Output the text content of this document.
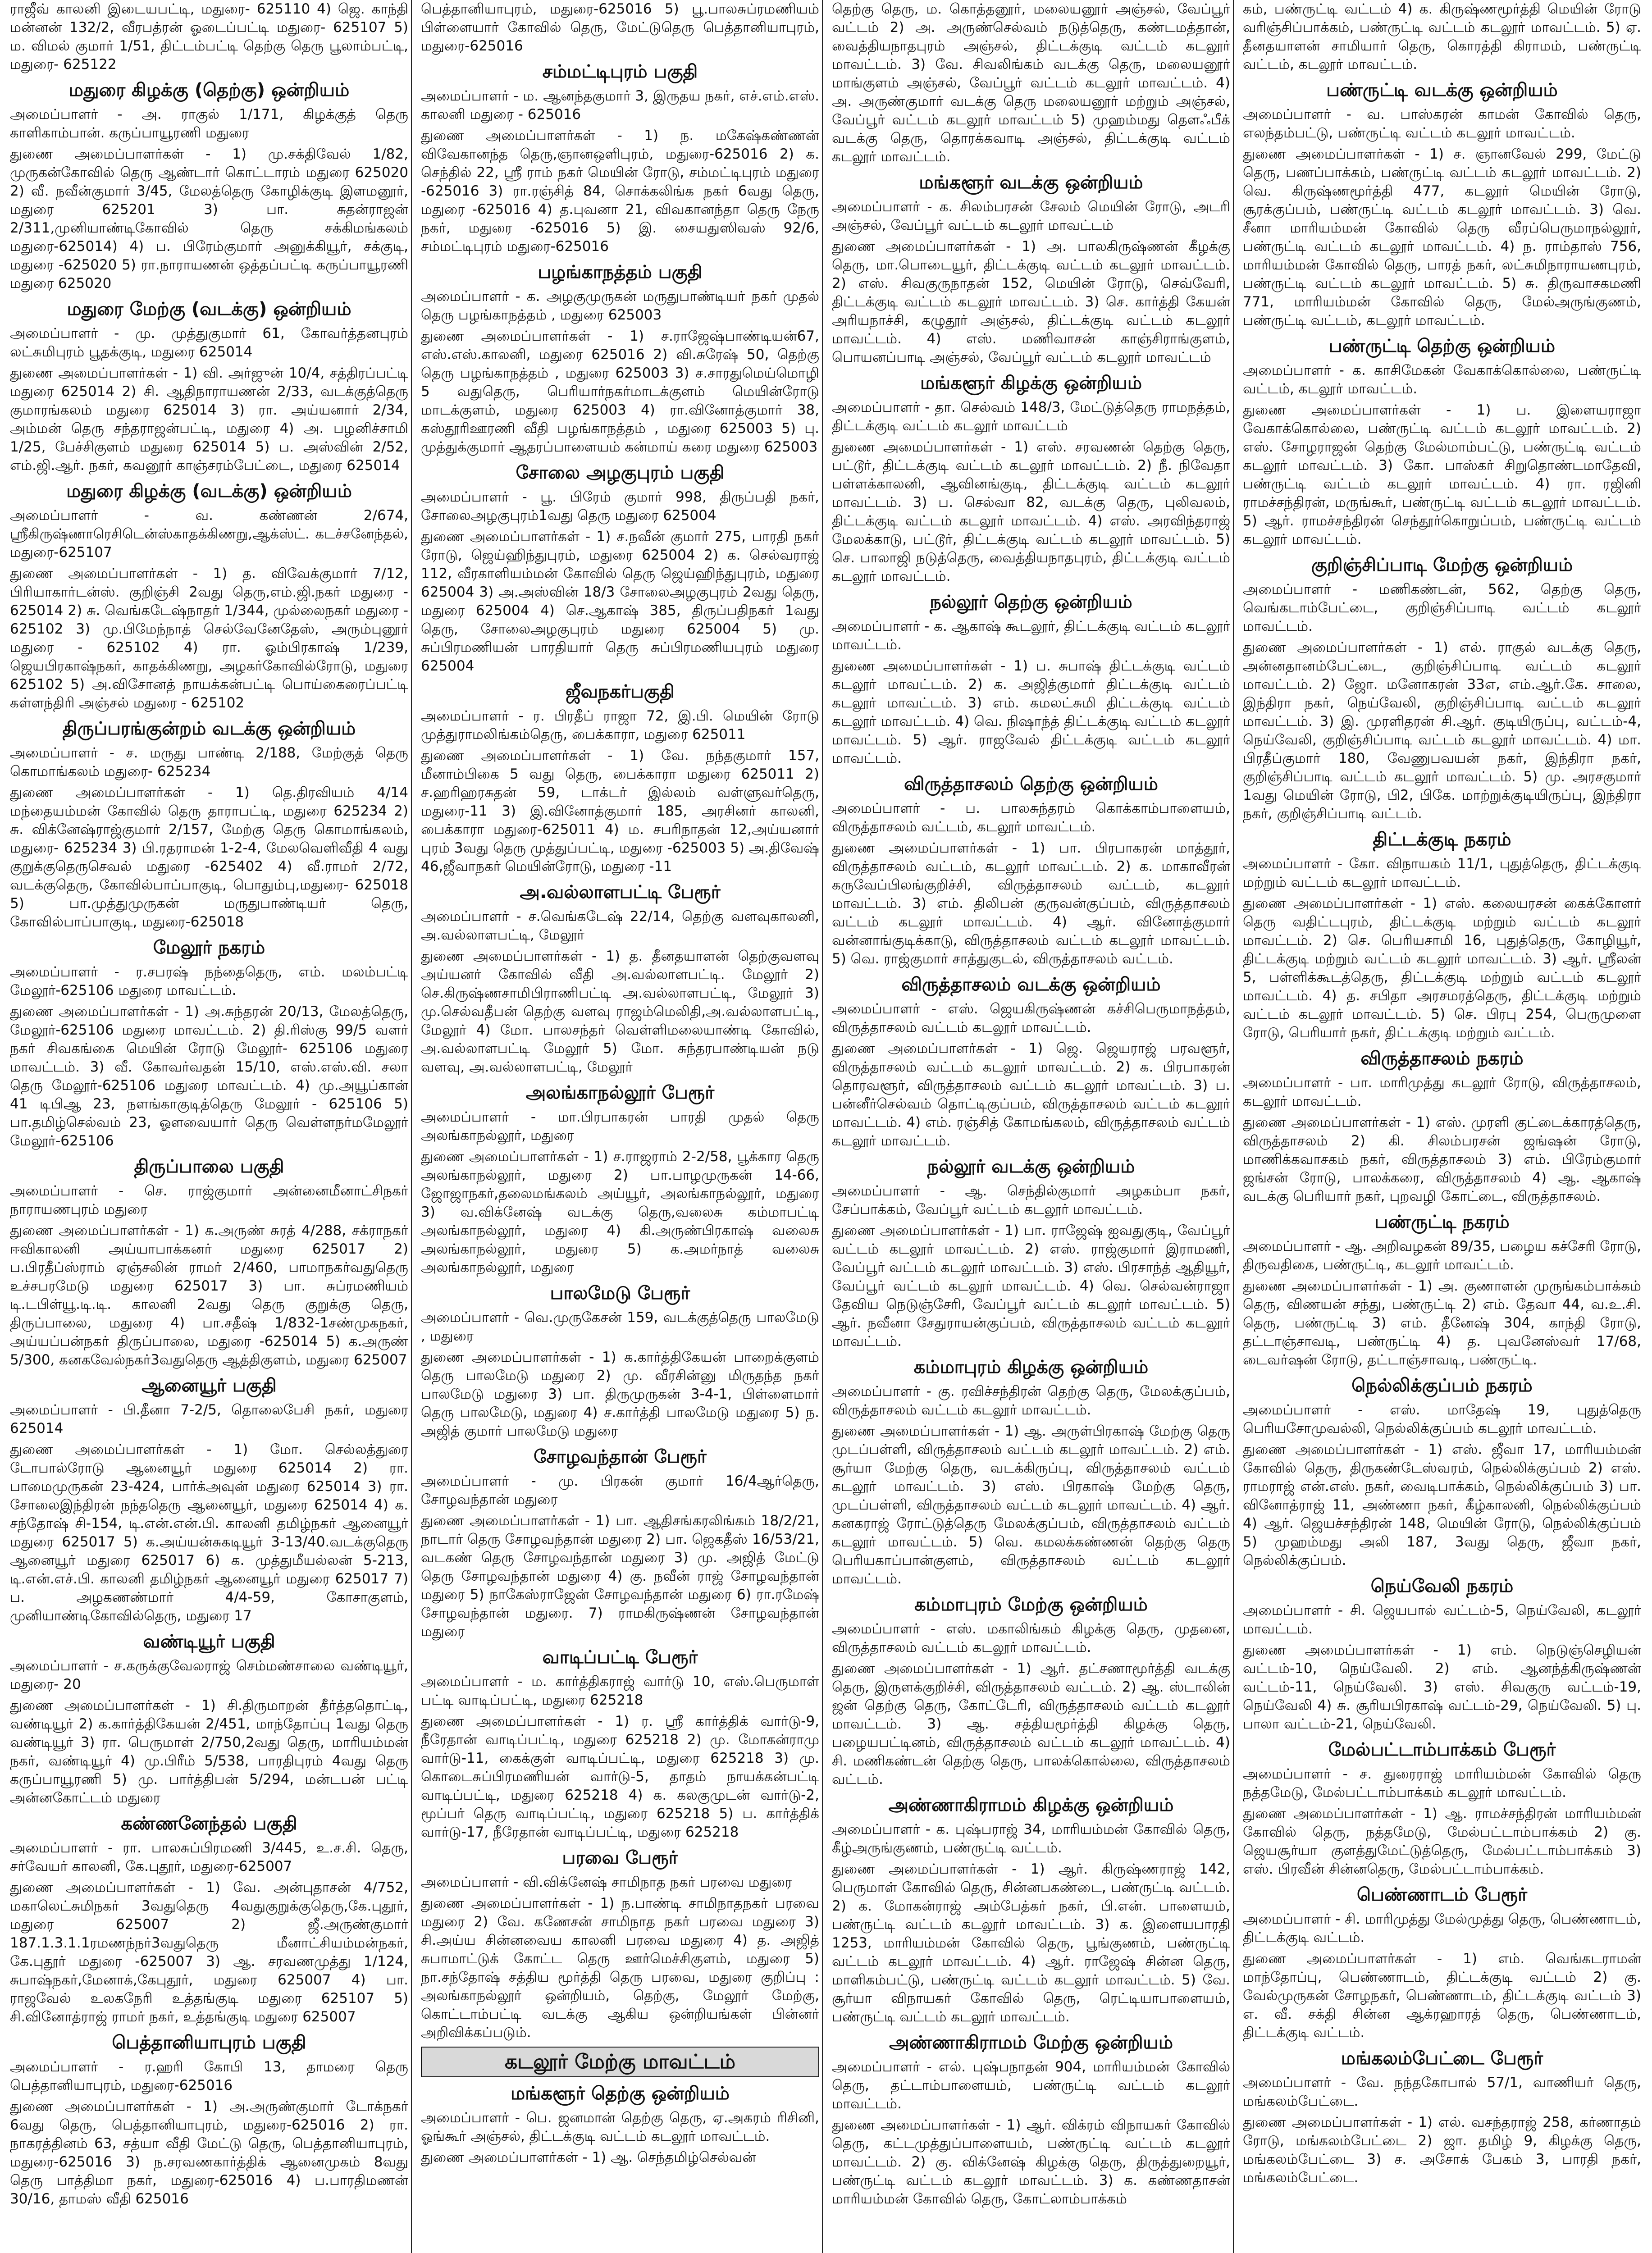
ராஜீவ் காலனி இடையபட்டி, மதுரை- 625110 4) ஜெ. காந்தி மன்னன் 132/2, வீரபத்ரன் ஓடைப்பட்டி மதுரை- 625107 5) ம. விமல் குமார் 1/51, திட்டம்பட்டி தெற்கு தெரு பூலாம்பட்டி, மதுரை- 625122

மதுரை கிழக்கு (தெற்கு) ஒன்றியம்

அமைப்பாளர் - அ. ராகுல் 1/171, கிழக்குத் தெரு காளிகாம்பான். கருப்பாயூரணி மதுரை

துணை அமைப்பாளர்கள் - 1) மு.சக்திவேல் 1/82, முருகன்கோவில் தெரு ஆண்டார் கொட்டாரம் மதுரை 625020 2) வீ. நவீன்குமார் 3/45, மேலத்தெரு கோழிக்குடி இளமனூர், மதுரை 625201 3) பா. சுதன்ராஜன் 2/311,முனியாண்டிகோவில் தெரு சக்கிமங்கலம் மதுரை-625014) 4) ப. பிரேம்குமார் அனுக்கியூர், சக்குடி, மதுரை -625020 5) ரா.நாராயணன் ஒத்தப்பட்டி கருப்பாயூரணி மதுரை 625020

மதுரை மேற்கு (வடக்கு) ஒன்றியம்

அமைப்பாளர் - மு. முத்துகுமார் 61, கோவர்த்தனபுரம் லட்சுமிபுரம் பூதக்குடி, மதுரை 625014

துணை அமைப்பாளர்கள் - 1) வி. அர்ஜுன் 10/4, சத்திரப்பட்டி மதுரை 625014 2) சி. ஆதிநாராயணன் 2/33, வடக்குத்தெரு குமாரங்கலம் மதுரை 625014 3) ரா. அய்யனார் 2/34, அம்மன் தெரு சந்தராஜன்பட்டி, மதுரை 4) அ. பழனிச்சாமி 1/25, பேச்சிகுளம் மதுரை 625014 5) ப. அஸ்வின் 2/52, எம்.ஜி.ஆர். நகர், கவனூர் காஞ்சரம்பேட்டை, மதுரை 625014

மதுரை கிழக்கு (வடக்கு) ஒன்றியம்

அமைப்பாளர் - வ. கண்ணன் 2/674, ஸ்ரீகிருஷ்ணாரெசிடென்ஸ்காதக்கிணறு,ஆக்ஸ்ட். கடச்சனேந்தல், மதுரை-625107

துணை அமைப்பாளர்கள் - 1) த. விவேக்குமார் 7/12, பிரியாகார்டன்ஸ். குறிஞ்சி 2வது தெரு,எம்.ஜி.நகர் மதுரை - 625014 2) சு. வெங்கடேஷ்நாதர் 1/344, முல்லைநகர் மதுரை - 625102 3) மு.பிமேந்நாத் செல்வேனேதேஸ், அரும்புனூர் மதுரை - 625102 4) ரா. ஓம்பிரகாஷ் 1/239, ஜெயபிரகாஷ்நகர், காதக்கிணறு, அழகர்கோவில்ரோடு, மதுரை 625102 5) அ.விசோனத் நாயக்கன்பட்டி பொய்கைரைப்பட்டி கள்ளந்திரி அஞ்சல் மதுரை - 625102

திருப்பரங்குன்றம் வடக்கு ஒன்றியம்

அமைப்பாளர் - ச. மருது பாண்டி 2/188, மேற்குத் தெரு கொமாங்கலம் மதுரை- 625234

துணை அமைப்பாளர்கள் - 1) தெ.திரவியம் 4/14 மந்தையம்மன் கோவில் தெரு தாராபட்டி, மதுரை 625234 2) சு. விக்னேஷ்ராஜ்குமார் 2/157, மேற்கு தெரு கொமாங்கலம், மதுரை- 625234 3) பி.ரதராமன் 1-2-4, மேலவெளிவீதி 4 வது குறுக்குதெருசெவல் மதுரை -625402 4) வீ.ராமர் 2/72, வடக்குதெரு, கோவில்பாப்பாகுடி, பொதும்பு,மதுரை- 625018 5) பா.முத்துமுருகன் மருதுபாண்டியர் தெரு, கோவில்பாப்பாகுடி, மதுரை-625018

மேலூர் நகரம்

அமைப்பாளர் - ர.சபரஷ் நந்தைதெரு, எம். மலம்பட்டி மேலூர்-625106 மதுரை மாவட்டம்.

துணை அமைப்பாளர்கள் - 1) அ.சுந்தரன் 20/13, மேலத்தெரு, மேலூர்-625106 மதுரை மாவட்டம். 2) தி.ரிஸ்கு 99/5 வளர் நகர் சிவகங்கை மெயின் ரோடு மேலூர்- 625106 மதுரை மாவட்டம். 3) வீ. கோவர்வதன் 15/10, எஸ்.எஸ்.வி. சலா தெரு மேலூர்-625106 மதுரை மாவட்டம். 4) மு.அயூப்கான் 41 டிபிஆ 23, நளங்காகுடித்தெரு மேலூர் - 625106 5) பா.தமிழ்செல்வம் 23, ஓளவையார் தெரு வெள்ளநர்மமேலூர் மேலூர்-625106

திருப்பாலை பகுதி

அமைப்பாளர் - செ. ராஜ்குமார் அன்னைமீனாட்சிநகர் நாராயணபுரம் மதுரை

துணை அமைப்பாளர்கள் - 1) க.அருண் சுரத் 4/288, சக்ராநகர் ஈவிகாலனி அய்யாபாக்கனர் மதுரை 625017 2) ப.பிரதீப்ஸ்ராம் ஏஞ்சலின் ராமர் 2/460, பாமாநகர்வதுதெரு உச்சபரமேடு மதுரை 625017 3) பா. சுப்ரமணியம் டி.டபிள்யூ.டி.டி. காலனி 2வது தெரு குறுக்கு தெரு, திருப்பாலை, மதுரை 4) பா.சதீஷ் 1/832-1சண்முகநகர், அய்யப்பன்நகர் திருப்பாலை, மதுரை -625014 5) க.அருண் 5/300, கனகவேல்நகர்3வதுதெரு ஆத்திகுளம், மதுரை 625007

ஆனையூர் பகுதி

அமைப்பாளர் - பி.தீனா 7-2/5, தொலைபேசி நகர், மதுரை 625014

துணை அமைப்பாளர்கள் - 1) மோ. செல்லத்துரை டோபால்ரோடு ஆனையூர் மதுரை 625014 2) ரா. பாமைமுருகன் 23-424, பார்க்அவுன் மதுரை 625014 3) ரா. சோலைஇந்திரன் நந்ததெரு ஆனையூர், மதுரை 625014 4) க. சந்தோஷ் சி-154, டி.என்.என்.பி. காலனி தமிழ்நகர் ஆனையூர் மதுரை 625017 5) க.அய்யன்சுகடியூர் 3-13/40.வடக்குதெரு ஆனையூர் மதுரை 625017 6) க. முத்துமீயல்லன் 5-213, டி.என்.எச்.பி. காலனி தமிழ்நகர் ஆனையூர் மதுரை 625017 7) ப. அழகணண்மார் 4/4-59, கோசாகுளம், முனியாண்டிகோவில்தெரு, மதுரை 17

வண்டியூர் பகுதி

அமைப்பாளர் - ச.கருக்குவேலராஜ் செம்மண்சாலை வண்டியூர், மதுரை- 20

துணை அமைப்பாளர்கள் - 1) சி.திருமாறன் தீர்த்ததொட்டி, வண்டியூர் 2) க.கார்த்திகேயன் 2/451, மாந்தோப்பு 1வது தெரு வண்டியூர் 3) ரா. பெருமாள் 2/750,2வது தெரு, மாரியம்மன் நகர், வண்டியூர் 4) மு.பிரீம் 5/538, பாரதிபுரம் 4வது தெரு கருப்பாயூரணி 5) மு. பார்த்திபன் 5/294, மன்டபன் பட்டி அன்னகோட்டம் மதுரை

கண்ணனேந்தல் பகுதி

அமைப்பாளர் - ரா. பாலசுப்பிரமணி 3/445, உ.ச.சி. தெரு, சர்வேயர் காலனி, கே.புதூர், மதுரை-625007

துணை அமைப்பாளர்கள் - 1) வே. அன்புதாசன் 4/752, மகாலெட்சுமிநகர் 3வதுதெரு 4வதுகுறுக்குதெரு,கே.புதூர், மதுரை 625007 2) ஜீ.அருண்குமார் 187.1.3.1.1ரமணந்நர்3வதுதெரு மீனாட்சியம்மன்நகர், கே.புதூர் மதுரை -625007 3) ஆ. சரவணமுத்து 1/124, சுபாஷ்நகர்,மேனாக்,கேபுதூர், மதுரை 625007 4) பா. ராஜவேல் உலகநேரி உத்தங்குடி மதுரை 625107 5) சி.வினோத்ராஜ் ராமர் நகர், உத்தங்குடி மதுரை 625007

பெத்தானியாபுரம் பகுதி

அமைப்பாளர் - ர.ஹரி கோபி 13, தாமரை தெரு பெத்தானியாபுரம், மதுரை-625016

துணை அமைப்பாளர்கள் - 1) அ.அருண்குமார் டோக்நகர் 6வது தெரு, பெத்தானியாபுரம், மதுரை-625016 2) ரா. நாகரத்தினம் 63, சத்யா வீதி மேட்டு தெரு, பெத்தானியாபுரம், மதுரை-625016 3) ந.சரவணகார்த்திக் ஆனைமுகம் 8வது தெரு பாத்திமா நகர், மதுரை-625016 4) ப.பாரதிமணன் 30/16, தாமஸ் வீதி 625016

பெத்தானியாபுரம், மதுரை-625016 5) பூ.பாலசுப்ரமணியம் பிள்ளையார் கோவில் தெரு, மேட்டுதெரு பெத்தானியாபுரம், மதுரை-625016

சம்மட்டிபுரம் பகுதி

அமைப்பாளர் - ம. ஆனந்தகுமார் 3, இருதய நகர், எச்.எம்.எஸ். காலனி மதுரை - 625016

துணை அமைப்பாளர்கள் - 1) ந. மகேஷ்கண்ணன் விவேகானந்த தெரு,ஞானஒளிபுரம், மதுரை-625016 2) க. செந்தில் 22, ஸ்ரீ ராம் நகர் மெயின் ரோடு, சம்மட்டிபுரம் மதுரை -625016 3) ரா.ரஞ்சித் 84, சொக்கலிங்க நகர் 6வது தெரு, மதுரை -625016 4) த.புவனா 21, விவகானந்தா தெரு நேரு நகர், மதுரை -625016 5) இ. சையதுஸிவஸ் 92/6, சம்மட்டிபுரம் மதுரை-625016

பழங்காநத்தம் பகுதி

அமைப்பாளர் - க. அழகுமுருகன் மருதுபாண்டியர் நகர் முதல் தெரு பழங்காநத்தம் , மதுரை 625003

துணை அமைப்பாளர்கள் - 1) ச.ராஜேஷ்பாண்டியன்67, எஸ்.எஸ்.காலனி, மதுரை 625016 2) வி.சுரேஷ் 50, தெற்கு தெரு பழங்காநத்தம் , மதுரை 625003 3) ச.சாரதுமெய்மொழி 5 வதுதெரு, பெரியார்நகர்மாடக்குளம் மெயின்ரோடு மாடக்குளம், மதுரை 625003 4) ரா.வினோத்குமார் 38, கஸ்தூரிஊரணி வீதி பழங்காநத்தம் , மதுரை 625003 5) பு. முத்துக்குமார் ஆதரப்பாளையம் கன்மாய் கரை மதுரை 625003

சோலை அழகுபுரம் பகுதி

அமைப்பாளர் - பூ. பிரேம் குமார் 998, திருப்பதி நகர், சோலைஅழகுபுரம்1வது தெரு மதுரை 625004

துணை அமைப்பாளர்கள் - 1) ச.நவீன் குமார் 275, பாரதி நகர் ரோடு, ஜெய்ஹிந்துபுரம், மதுரை 625004 2) க. செல்வராஜ் 112, வீரகாளியம்மன் கோவில் தெரு ஜெய்ஹிந்துபுரம், மதுரை 625004 3) அ.அஸ்வின் 18/3 சோலைஅழகுபுரம் 2வது தெரு, மதுரை 625004 4) செ.ஆகாஷ் 385, திருப்பதிநகர் 1வது தெரு, சோலைஅழகுபுரம் மதுரை 625004 5) மு. சுப்பிரமணியன் பாரதியார் தெரு சுப்பிரமணியபுரம் மதுரை 625004

ஜீவநகர்பகுதி

அமைப்பாளர் - ர. பிரதீப் ராஜா 72, இ.பி. மெயின் ரோடு முத்துராமலிங்கம்தெரு, பைக்காரா, மதுரை 625011

துணை அமைப்பாளர்கள் - 1) வே. நந்தகுமார் 157, மீனாம்பிகை 5 வது தெரு, பைக்காரா மதுரை 625011 2) ச.ஹரிஹரசுதன் 59, டாக்டர் இல்லம் வள்ளுவர்தெரு, மதுரை-11 3) இ.வினோத்குமார் 185, அரசினர் காலனி, பைக்காரா மதுரை-625011 4) ம. சபரிநாதன் 12,அய்யனார் புரம் 3வது தெரு முத்துப்பட்டி, மதுரை -625003 5) அ.திவேஷ் 46,ஜீவாநகர் மெயின்ரோடு, மதுரை -11

அ.வல்லாளபட்டி பேரூர்

அமைப்பாளர் - ச.வெங்கடேஷ் 22/14, தெற்கு வளவுகாலனி, அ.வல்லாளபட்டி, மேலூர்

துணை அமைப்பாளர்கள் - 1) த. தீனதயாளன் தெற்குவளவு அய்யனர் கோவில் வீதி அ.வல்லாளபட்டி. மேலூர் 2) செ.கிருஷ்ணசாமிபிராணிபட்டி அ.வல்லாளபட்டி, மேலூர் 3) மு.செல்வதீபன் தெற்கு வளவு ராஜம்மெலிதி,அ.வல்லாளபட்டி, மேலூர் 4) மோ. பாலசந்தர் வெள்ளிமலையாண்டி கோவில், அ.வல்லாளபட்டி மேலூர் 5) மோ. சுந்தரபாண்டியன் நடு வளவு, அ.வல்லாளபட்டி, மேலூர்

அலங்காநல்லூர் பேரூர்

அமைப்பாளர் - மா.பிரபாகரன் பாரதி முதல் தெரு அலங்காநல்லூர், மதுரை

துணை அமைப்பாளர்கள் - 1) ச.ராஜராம் 2-2/58, பூக்கார தெரு அலங்காநல்லூர், மதுரை 2) பா.பாழமுருகன் 14-66, ஜோஜாநகர்,தலைமங்கலம் அய்யூர், அலங்காநல்லூர், மதுரை 3) வ.விக்னேஷ் வடக்கு தெரு,வலைசு கம்மாபட்டி அலங்காநல்லூர், மதுரை 4) கி.அருண்பிரகாஷ் வலைசு அலங்காநல்லூர், மதுரை 5) க.அமர்நாத் வலைசு அலங்காநல்லூர், மதுரை

பாலமேடு பேரூர்

அமைப்பாளர் - வெ.முருகேசன் 159, வடக்குத்தெரு பாலமேடு , மதுரை

துணை அமைப்பாளர்கள் - 1) க.கார்த்திகேயன் பாறைக்குளம் தெரு பாலமேடு மதுரை 2) மு. வீரசின்னு மிருதந்த நகர் பாலமேடு மதுரை 3) பா. திருமுருகன் 3-4-1, பிள்ளைமார் தெரு பாலமேடு, மதுரை 4) ச.கார்த்தி பாலமேடு மதுரை 5) ந. அஜித் குமார் பாலமேடு மதுரை

சோழவந்தான் பேரூர்

அமைப்பாளர் - மு. பிரகன் குமார் 16/4ஆர்தெரு, சோழவந்தான் மதுரை

துணை அமைப்பாளர்கள் - 1) பா. ஆதிசங்கரலிங்கம் 18/2/21, நாடார் தெரு சோழவந்தான் மதுரை 2) பா. ஜெகதீஸ் 16/53/21, வடகண் தெரு சோழவந்தான் மதுரை 3) மு. அஜித் மேட்டு தெரு சோழவந்தான் மதுரை 4) கு. நவீன் ராஜ் சோழவந்தான் மதுரை 5) நாகேஸ்ராஜேன் சோழவந்தான் மதுரை 6) ரா.ரமேஷ் சோழவந்தான் மதுரை. 7) ராமகிருஷ்ணன் சோழவந்தான் மதுரை

வாடிப்பட்டி பேரூர்

அமைப்பாளர் - ம. கார்த்திகராஜ் வார்டு 10, எஸ்.பெருமாள் பட்டி வாடிப்பட்டி, மதுரை 625218

துணை அமைப்பாளர்கள் - 1) ர. ஸ்ரீ கார்த்திக் வார்டு-9, நீரேதான் வாடிப்பட்டி, மதுரை 625218 2) மு. மோகன்ராமு வார்டு-11, கைக்குள் வாடிப்பட்டி, மதுரை 625218 3) மு. கொடைசுப்பிரமணியன் வார்டு-5, தாதம் நாயக்கன்பட்டி வாடிப்பட்டி, மதுரை 625218 4) க. கலகுமுடன் வார்டு-2, மூப்பர் தெரு வாடிப்பட்டி, மதுரை 625218 5) ப. கார்த்திக் வார்டு-17, நீரேதான் வாடிப்பட்டி, மதுரை 625218

பரவை பேரூர்

அமைப்பாளர் - வி.விக்னேஷ் சாமிநாத நகர் பரவை மதுரை

துணை அமைப்பாளர்கள் - 1) ந.பாண்டி சாமிநாதநகர் பரவை மதுரை 2) வே. கணேசன் சாமிநாத நகர் பரவை மதுரை 3) சி.அய்ய சின்னவைய காலனி பரவை மதுரை 4) த. அஜித் சுபாமாட்டுக் கோட்ட தெரு ஊர்மெச்சிகுளம், மதுரை 5) நா.சந்தோஷ் சத்திய மூர்த்தி தெரு பரவை, மதுரை குறிப்பு : அலங்காநல்லூர் ஒன்றியம், தெற்கு, மேலூர் மேற்கு, கொட்டாம்பட்டி வடக்கு ஆகிய ஒன்றியங்கள் பின்னர் அறிவிக்கப்படும்.

கடலூர் மேற்கு மாவட்டம்
மங்களூர் தெற்கு ஒன்றியம்

அமைப்பாளர் - பெ. ஜனமான் தெற்கு தெரு, ஏ.அகரம் ரிசினி, ஓங்கூர் அஞ்சல், திட்டக்குடி வட்டம் கடலூர் மாவட்டம்.

துணை அமைப்பாளர்கள் - 1) ஆ. செந்தமிழ்செல்வன்

தெற்கு தெரு, ம. கொத்தனூர், மலையனூர் அஞ்சல், வேப்பூர் வட்டம் 2) அ. அருண்செல்வம் நடுத்தெரு, கண்டமத்தான், வைத்தியநாதபுரம் அஞ்சல், திட்டக்குடி வட்டம் கடலூர் மாவட்டம். 3) வே. சிவலிங்கம் வடக்கு தெரு, மலையனூர் மாங்குளம் அஞ்சல், வேப்பூர் வட்டம் கடலூர் மாவட்டம். 4) அ. அருண்குமார் வடக்கு தெரு மலையனூர் மற்றும் அஞ்சல், வேப்பூர் வட்டம் கடலூர் மாவட்டம் 5) முஹம்மது தௌஃபீக் வடக்கு தெரு, தொரக்கவாடி அஞ்சல், திட்டக்குடி வட்டம் கடலூர் மாவட்டம்.

மங்களூர் வடக்கு ஒன்றியம்

அமைப்பாளர் - க. சிலம்பரசன் சேலம் மெயின் ரோடு, அடரி அஞ்சல், வேப்பூர் வட்டம் கடலூர் மாவட்டம்

துணை அமைப்பாளர்கள் - 1) அ. பாலகிருஷ்ணன் கீழக்கு தெரு, மா.பொடையூர், திட்டக்குடி வட்டம் கடலூர் மாவட்டம். 2) எஸ். சிவகுருநாதன் 152, மெயின் ரோடு, செவ்வேரி, திட்டக்குடி வட்டம் கடலூர் மாவட்டம். 3) செ. கார்த்தி கேயன் அரியநாச்சி, கழுதூர் அஞ்சல், திட்டக்குடி வட்டம் கடலூர் மாவட்டம். 4) எஸ். மணிவாசன் காஞ்சிராங்குளம், பொயனப்பாடி அஞ்சல், வேப்பூர் வட்டம் கடலூர் மாவட்டம்

மங்களூர் கிழக்கு ஒன்றியம்

அமைப்பாளர் - தா. செல்வம் 148/3, மேட்டுத்தெரு ராமநத்தம், திட்டக்குடி வட்டம் கடலூர் மாவட்டம்

துணை அமைப்பாளர்கள் - 1) எஸ். சரவணன் தெற்கு தெரு, பட்டூர், திட்டக்குடி வட்டம் கடலூர் மாவட்டம். 2) நீ. நிவேதா பள்ளக்காலனி, ஆவினங்குடி, திட்டக்குடி வட்டம் கடலூர் மாவட்டம். 3) ப. செல்வா 82, வடக்கு தெரு, புலிவலம், திட்டக்குடி வட்டம் கடலூர் மாவட்டம். 4) எஸ். அரவிந்தராஜ் மேலக்காடு, பட்டூர், திட்டக்குடி வட்டம் கடலூர் மாவட்டம். 5) செ. பாலாஜி நடுத்தெரு, வைத்தியநாதபுரம், திட்டக்குடி வட்டம் கடலூர் மாவட்டம்.

நல்லூர் தெற்கு ஒன்றியம்

அமைப்பாளர் - க. ஆகாஷ் கூடலூர், திட்டக்குடி வட்டம் கடலூர் மாவட்டம்.

துணை அமைப்பாளர்கள் - 1) ப. சுபாஷ் திட்டக்குடி வட்டம் கடலூர் மாவட்டம். 2) க. அஜித்குமார் திட்டக்குடி வட்டம் கடலூர் மாவட்டம். 3) எம். கமலட்சுமி திட்டக்குடி வட்டம் கடலூர் மாவட்டம். 4) வெ. நிஷாந்த் திட்டக்குடி வட்டம் கடலூர் மாவட்டம். 5) ஆர். ராஜவேல் திட்டக்குடி வட்டம் கடலூர் மாவட்டம்.

விருத்தாசலம் தெற்கு ஒன்றியம்

அமைப்பாளர் - ப. பாலசுந்தரம் கொக்காம்பாளையம், விருத்தாசலம் வட்டம், கடலூர் மாவட்டம்.

துணை அமைப்பாளர்கள் - 1) பா. பிரபாகரன் மாத்தூர், விருத்தாசலம் வட்டம், கடலூர் மாவட்டம். 2) க. மாகாவீரன் கருவேப்பிலங்குறிச்சி, விருத்தாசலம் வட்டம், கடலூர் மாவட்டம். 3) எம். திலிபன் குருவன்குப்பம், விருத்தாசலம் வட்டம் கடலூர் மாவட்டம். 4) ஆர். வினோத்குமார் வன்னாங்குடிக்காடு, விருத்தாசலம் வட்டம் கடலூர் மாவட்டம். 5) வெ. ராஜ்குமார் சாத்துகுடல், விருத்தாசலம் வட்டம்.

விருத்தாசலம் வடக்கு ஒன்றியம்

அமைப்பாளர் - எஸ். ஜெயகிருஷ்ணன் கச்சிபெருமாநத்தம், விருத்தாசலம் வட்டம் கடலூர் மாவட்டம்.

துணை அமைப்பாளர்கள் - 1) ஜெ. ஜெயராஜ் பரவளூர், விருத்தாசலம் வட்டம் கடலூர் மாவட்டம். 2) க. பிரபாகரன் தொரவளூர், விருத்தாசலம் வட்டம் கடலூர் மாவட்டம். 3) ப. பன்னீர்செல்வம் தொட்டிகுப்பம், விருத்தாசலம் வட்டம் கடலூர் மாவட்டம். 4) எம். ரஞ்சித் கோமங்கலம், விருத்தாசலம் வட்டம் கடலூர் மாவட்டம்.

நல்லூர் வடக்கு ஒன்றியம்

அமைப்பாளர் - ஆ. செந்தில்குமார் அழகம்பா நகர், சேப்பாக்கம், வேப்பூர் வட்டம் கடலூர் மாவட்டம்.

துணை அமைப்பாளர்கள் - 1) பா. ராஜேஷ் ஐவதுகுடி, வேப்பூர் வட்டம் கடலூர் மாவட்டம். 2) எஸ். ராஜ்குமார் இராமணி, வேப்பூர் வட்டம் கடலூர் மாவட்டம். 3) எஸ். பிரசாந்த் ஆதியூர், வேப்பூர் வட்டம் கடலூர் மாவட்டம். 4) வெ. செல்வன்ராஜா தேவிய நெடுஞ்சேரி, வேப்பூர் வட்டம் கடலூர் மாவட்டம். 5) ஆர். நவீனா சேதுராயன்குப்பம், விருத்தாசலம் வட்டம் கடலூர் மாவட்டம்.

கம்மாபுரம் கிழக்கு ஒன்றியம்

அமைப்பாளர் - கு. ரவிச்சந்திரன் தெற்கு தெரு, மேலக்குப்பம், விருத்தாசலம் வட்டம் கடலூர் மாவட்டம்.

துணை அமைப்பாளர்கள் - 1) ஆ. அருள்பிரகாஷ் மேற்கு தெரு முடப்பள்ளி, விருத்தாசலம் வட்டம் கடலூர் மாவட்டம். 2) எம். சூர்யா மேற்கு தெரு, வடக்கிருப்பு, விருத்தாசலம் வட்டம் கடலூர் மாவட்டம். 3) எஸ். பிரகாஷ் மேற்கு தெரு, முடப்பள்ளி, விருத்தாசலம் வட்டம் கடலூர் மாவட்டம். 4) ஆர். கனகராஜ் ரோட்டுத்தெரு மேலக்குப்பம், விருத்தாசலம் வட்டம் கடலூர் மாவட்டம். 5) வெ. கமலக்கண்ணன் தெற்கு தெரு பெரியகாப்பான்குளம், விருத்தாசலம் வட்டம் கடலூர் மாவட்டம்.

கம்மாபுரம் மேற்கு ஒன்றியம்

அமைப்பாளர் - எஸ். மகாலிங்கம் கிழக்கு தெரு, முதனை, விருத்தாசலம் வட்டம் கடலூர் மாவட்டம்.

துணை அமைப்பாளர்கள் - 1) ஆர். தட்சணாமூர்த்தி வடக்கு தெரு, இருளக்குறிச்சி, விருத்தாசலம் வட்டம். 2) ஆ. ஸ்டாலின் ஜன் தெற்கு தெரு, கோட்டேரி, விருத்தாசலம் வட்டம் கடலூர் மாவட்டம். 3) ஆ. சத்தியமூர்த்தி கிழக்கு தெரு, பழையபட்டினம், விருத்தாசலம் வட்டம் கடலூர் மாவட்டம். 4) சி. மணிகண்டன் தெற்கு தெரு, பாலக்கொல்லை, விருத்தாசலம் வட்டம்.

அண்ணாகிராமம் கிழக்கு ஒன்றியம்

அமைப்பாளர் - க. புஷ்பராஜ் 34, மாரியம்மன் கோவில் தெரு, கீழ்அருங்குணம், பண்ருட்டி வட்டம்.

துணை அமைப்பாளர்கள் - 1) ஆர். கிருஷ்ணராஜ் 142, பெருமாள் கோவில் தெரு, சின்னபகண்டை, பண்ருட்டி வட்டம். 2) க. மோகன்ராஜ் அம்பேத்கர் நகர், பி.என். பாளையம், பண்ருட்டி வட்டம் கடலூர் மாவட்டம். 3) க. இளையபாரதி 1253, மாரியம்மன் கோவில் தெரு, பூங்குணம், பண்ருட்டி வட்டம் கடலூர் மாவட்டம். 4) ஆர். ராஜேஷ் சின்ன தெரு, மாளிகம்பட்டு, பண்ருட்டி வட்டம் கடலூர் மாவட்டம். 5) வே. சூர்யா விநாயகர் கோவில் தெரு, ரெட்டியாபாளையம், பண்ருட்டி வட்டம் கடலூர் மாவட்டம்.

அண்ணாகிராமம் மேற்கு ஒன்றியம்

அமைப்பாளர் - எல். புஷ்பநாதன் 904, மாரியம்மன் கோவில் தெரு, தட்டாம்பாளையம், பண்ருட்டி வட்டம் கடலூர் மாவட்டம்.

துணை அமைப்பாளர்கள் - 1) ஆர். விக்ரம் விநாயகர் கோவில் தெரு, கட்டமுத்துப்பாளையம், பண்ருட்டி வட்டம் கடலூர் மாவட்டம். 2) கு. விக்னேஷ் கிழக்கு தெரு, திருத்துறையூர், பண்ருட்டி வட்டம் கடலூர் மாவட்டம். 3) க. கண்ணதாசன் மாரியம்மன் கோவில் தெரு, கோட்லாம்பாக்கம்

கம், பண்ருட்டி வட்டம் 4) க. கிருஷ்ணமூர்த்தி மெயின் ரோடு வரிஞ்சிப்பாக்கம், பண்ருட்டி வட்டம் கடலூர் மாவட்டம். 5) ஏ. தீனதயாளன் சாமியார் தெரு, கொரத்தி கிராமம், பண்ருட்டி வட்டம், கடலூர் மாவட்டம்.

பண்ருட்டி வடக்கு ஒன்றியம்

அமைப்பாளர் - வ. பாஸ்கரன் காமன் கோவில் தெரு, எலந்தம்பட்டு, பண்ருட்டி வட்டம் கடலூர் மாவட்டம்.

துணை அமைப்பாளர்கள் - 1) ச. ஞானவேல் 299, மேட்டு தெரு, பணப்பாக்கம், பண்ருட்டி வட்டம் கடலூர் மாவட்டம். 2) வெ. கிருஷ்ணமூர்த்தி 477, கடலூர் மெயின் ரோடு, சூரக்குப்பம், பண்ருட்டி வட்டம் கடலூர் மாவட்டம். 3) வெ. சீனா மாரியம்மன் கோவில் தெரு வீரப்பெருமாநல்லூர், பண்ருட்டி வட்டம் கடலூர் மாவட்டம். 4) ந. ராம்தாஸ் 756, மாரியம்மன் கோவில் தெரு, பாரத் நகர், லட்சுமிநாராயணபுரம், பண்ருட்டி வட்டம் கடலூர் மாவட்டம். 5) சு. திருவாசகமணி 771, மாரியம்மன் கோவில் தெரு, மேல்அருங்குணம், பண்ருட்டி வட்டம், கடலூர் மாவட்டம்.

பண்ருட்டி தெற்கு ஒன்றியம்

அமைப்பாளர் - க. காசிமேகன் வேகாக்கொல்லை, பண்ருட்டி வட்டம், கடலூர் மாவட்டம்.

துணை அமைப்பாளர்கள் - 1) ப. இளையராஜா வேகாக்கொல்லை, பண்ருட்டி வட்டம் கடலூர் மாவட்டம். 2) எஸ். சோழராஜன் தெற்கு மேல்மாம்பட்டு, பண்ருட்டி வட்டம் கடலூர் மாவட்டம். 3) கோ. பாஸ்கர் சிறுதொண்டமாதேவி, பண்ருட்டி வட்டம் கடலூர் மாவட்டம். 4) ரா. ரஜினி ராமச்சந்திரன், மருங்கூர், பண்ருட்டி வட்டம் கடலூர் மாவட்டம். 5) ஆர். ராமச்சந்திரன் செந்தூர்கொறுப்பம், பண்ருட்டி வட்டம் கடலூர் மாவட்டம்.

குறிஞ்சிப்பாடி மேற்கு ஒன்றியம்

அமைப்பாளர் - மணிகண்டன், 562, தெற்கு தெரு, வெங்கடாம்பேட்டை, குறிஞ்சிப்பாடி வட்டம் கடலூர் மாவட்டம்.

துணை அமைப்பாளர்கள் - 1) எல். ராகுல் வடக்கு தெரு, அன்னதானம்பேட்டை, குறிஞ்சிப்பாடி வட்டம் கடலூர் மாவட்டம். 2) ஜோ. மனோகரன் 33எ, எம்.ஆர்.கே. சாலை, இந்திரா நகர், நெய்வேலி, குறிஞ்சிப்பாடி வட்டம் கடலூர் மாவட்டம். 3) இ. முரளிதரன் சி.ஆர். குடியிருப்பு, வட்டம்-4, நெய்வேலி, குறிஞ்சிப்பாடி வட்டம் கடலூர் மாவட்டம். 4) மா. பிரதீப்குமார் 180, வேணுபவயன் நகர், இந்திரா நகர், குறிஞ்சிப்பாடி வட்டம் கடலூர் மாவட்டம். 5) மு. அரசகுமார் 1வது மெயின் ரோடு, பி2, பிகே. மாற்றுக்குடியிருப்பு, இந்திரா நகர், குறிஞ்சிப்பாடி வட்டம்.

திட்டக்குடி நகரம்

அமைப்பாளர் - கோ. விநாயகம் 11/1, புதுத்தெரு, திட்டக்குடி மற்றும் வட்டம் கடலூர் மாவட்டம்.

துணை அமைப்பாளர்கள் - 1) எஸ். கலையரசன் கைக்கோளர் தெரு வதிட்டபுரம், திட்டக்குடி மற்றும் வட்டம் கடலூர் மாவட்டம். 2) செ. பெரியசாமி 16, புதுத்தெரு, கோழியூர், திட்டக்குடி மற்றும் வட்டம் கடலூர் மாவட்டம். 3) ஆர். ஸ்ரீலன் 5, பள்ளிக்கூடத்தெரு, திட்டக்குடி மற்றும் வட்டம் கடலூர் மாவட்டம். 4) த. சபிதா அரசமரத்தெரு, திட்டக்குடி மற்றும் வட்டம் கடலூர் மாவட்டம். 5) செ. பிரபு 254, பெருமுளை ரோடு, பெரியார் நகர், திட்டக்குடி மற்றும் வட்டம்.

விருத்தாசலம் நகரம்

அமைப்பாளர் - பா. மாரிமுத்து கடலூர் ரோடு, விருத்தாசலம், கடலூர் மாவட்டம்.

துணை அமைப்பாளர்கள் - 1) எஸ். முரளி குட்டைக்காரத்தெரு, விருத்தாசலம் 2) கி. சிலம்பரசன் ஜங்ஷன் ரோடு, மாணிக்கவாசகம் நகர், விருத்தாசலம் 3) எம். பிரேம்குமார் ஜங்சன் ரோடு, பாலக்கரை, விருத்தாசலம் 4) ஆ. ஆகாஷ் வடக்கு பெரியார் நகர், புறவழி கோட்டை, விருத்தாசலம்.

பண்ருட்டி நகரம்

அமைப்பாளர் - ஆ. அறிவழகன் 89/35, பழைய கச்சேரி ரோடு, திருவதிகை, பண்ருட்டி, கடலூர் மாவட்டம்.

துணை அமைப்பாளர்கள் - 1) அ. குணாளன் முருங்கம்பாக்கம் தெரு, விணயன் சந்து, பண்ருட்டி 2) எம். தேவா 44, வ.உ.சி. தெரு, பண்ருட்டி 3) எம். தீனேஷ் 304, காந்தி ரோடு, தட்டாஞ்சாவடி, பண்ருட்டி 4) த. புவனேஸ்வர் 17/68, டைவர்ஷன் ரோடு, தட்டாஞ்சாவடி, பண்ருட்டி.

நெல்லிக்குப்பம் நகரம்

அமைப்பாளர் - எஸ். மாதேஷ் 19, புதுத்தெரு பெரியசோமுவல்லி, நெல்லிக்குப்பம் கடலூர் மாவட்டம்.

துணை அமைப்பாளர்கள் - 1) எஸ். ஜீவா 17, மாரியம்மன் கோவில் தெரு, திருகண்டேஸ்வரம், நெல்லிக்குப்பம் 2) எஸ். ராமராஜ் என்.எஸ். நகர், வைடிபாக்கம், நெல்லிக்குப்பம் 3) பா. வினோத்ராஜ் 11, அண்ணா நகர், கீழ்காலனி, நெல்லிக்குப்பம் 4) ஆர். ஜெயச்சந்திரன் 148, மெயின் ரோடு, நெல்லிக்குப்பம் 5) முஹம்மது அலி 187, 3வது தெரு, ஜீவா நகர், நெல்லிக்குப்பம்.

நெய்வேலி நகரம்

அமைப்பாளர் - சி. ஜெயபால் வட்டம்-5, நெய்வேலி, கடலூர் மாவட்டம்.

துணை அமைப்பாளர்கள் - 1) எம். நெடுஞ்செழியன் வட்டம்-10, நெய்வேலி. 2) எம். ஆனந்த்கிருஷ்ணன் வட்டம்-11, நெய்வேலி. 3) எஸ். சிவகுரு வட்டம்-19, நெய்வேலி 4) சு. சூரியபிரகாஷ் வட்டம்-29, நெய்வேலி. 5) பு. பாலா வட்டம்-21, நெய்வேலி.

மேல்பட்டாம்பாக்கம் பேரூர்

அமைப்பாளர் - ச. துரைராஜ் மாரியம்மன் கோவில் தெரு நத்தமேடு, மேல்பட்டாம்பாக்கம் கடலூர் மாவட்டம்.

துணை அமைப்பாளர்கள் - 1) ஆ. ராமச்சந்திரன் மாரியம்மன் கோவில் தெரு, நத்தமேடு, மேல்பட்டாம்பாக்கம் 2) கு. ஜெயசூர்யா குளத்துமேட்டுத்தெரு, மேல்பட்டாம்பாக்கம் 3) எஸ். பிரவீன் சின்னதெரு, மேல்பட்டாம்பாக்கம்.

பெண்ணாடம் பேரூர்

அமைப்பாளர் - சி. மாரிமுத்து மேல்முத்து தெரு, பெண்ணாடம், திட்டக்குடி வட்டம்.

துணை அமைப்பாளர்கள் - 1) எம். வெங்கடராமன் மாந்தோப்பு, பெண்ணாடம், திட்டக்குடி வட்டம் 2) கு. வேல்முருகன் சோழநகர், பெண்ணாடம், திட்டக்குடி வட்டம் 3) எ. வீ. சக்தி சின்ன ஆக்ரஹாரத் தெரு, பெண்ணாடம், திட்டக்குடி வட்டம்.

மங்கலம்பேட்டை பேரூர்

அமைப்பாளர் - வே. நந்தகோபால் 57/1, வாணியர் தெரு, மங்கலம்பேட்டை.

துணை அமைப்பாளர்கள் - 1) எல். வசந்தராஜ் 258, கர்ணாதம் ரோடு, மங்கலம்பேட்டை 2) ஜா. தமிழ் 9, கிழக்கு தெரு, மங்கலம்பேட்டை 3) ச. அசோக் பேகம் 3, பாரதி நகர், மங்கலம்பேட்டை.
